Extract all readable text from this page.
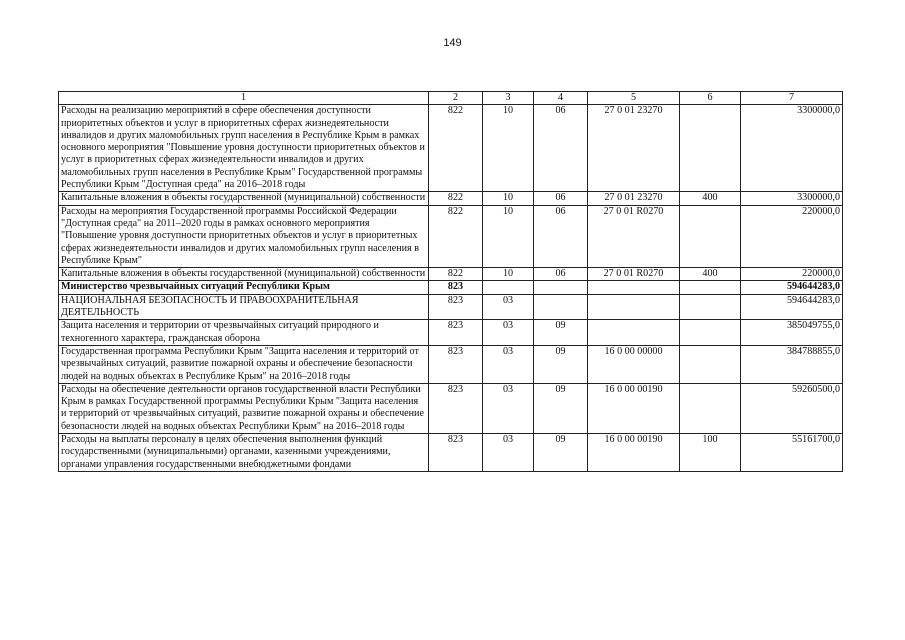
149
1	2	3	4	5	6	7
Расходы на реализацию мероприятий в сфере обеспечения доступности приоритетных объектов и услуг в приоритетных сферах жизнедеятельности инвалидов и других маломобильных групп населения в Республике Крым в рамках основного мероприятия "Повышение уровня доступности приоритетных объектов и услуг в приоритетных сферах жизнедеятельности инвалидов и других маломобильных групп населения в Республике Крым" Государственной программы Республики Крым "Доступная среда" на 2016–2018 годы	822	10	06	27 0 01 23270		3300000,0
Капитальные вложения в объекты государственной (муниципальной) собственности	822	10	06	27 0 01 23270	400	3300000,0
Расходы на мероприятия Государственной программы Российской Федерации "Доступная среда" на 2011–2020 годы в рамках основного мероприятия "Повышение уровня доступности приоритетных объектов и услуг в приоритетных сферах жизнедеятельности инвалидов и других маломобильных групп населения в Республике Крым"	822	10	06	27 0 01 R0270		220000,0
Капитальные вложения в объекты государственной (муниципальной) собственности	822	10	06	27 0 01 R0270	400	220000,0
Министерство чрезвычайных ситуаций Республики Крым	823					594644283,0
НАЦИОНАЛЬНАЯ БЕЗОПАСНОСТЬ И ПРАВООХРАНИТЕЛЬНАЯ ДЕЯТЕЛЬНОСТЬ	823	03				594644283,0
Защита населения и территории от чрезвычайных ситуаций природного и техногенного характера, гражданская оборона	823	03	09			385049755,0
Государственная программа Республики Крым "Защита населения и территорий от чрезвычайных ситуаций, развитие пожарной охраны и обеспечение безопасности людей на водных объектах в Республике Крым" на 2016–2018 годы	823	03	09	16 0 00 00000		384788855,0
Расходы на обеспечение деятельности органов государственной власти Республики Крым в рамках Государственной программы Республики Крым "Защита населения и территорий от чрезвычайных ситуаций, развитие пожарной охраны и обеспечение безопасности людей на водных объектах Республики Крым" на 2016–2018 годы	823	03	09	16 0 00 00190		59260500,0
Расходы на выплаты персоналу в целях обеспечения выполнения функций государственными (муниципальными) органами, казенными учреждениями, органами управления государственными внебюджетными фондами	823	03	09	16 0 00 00190	100	55161700,0
